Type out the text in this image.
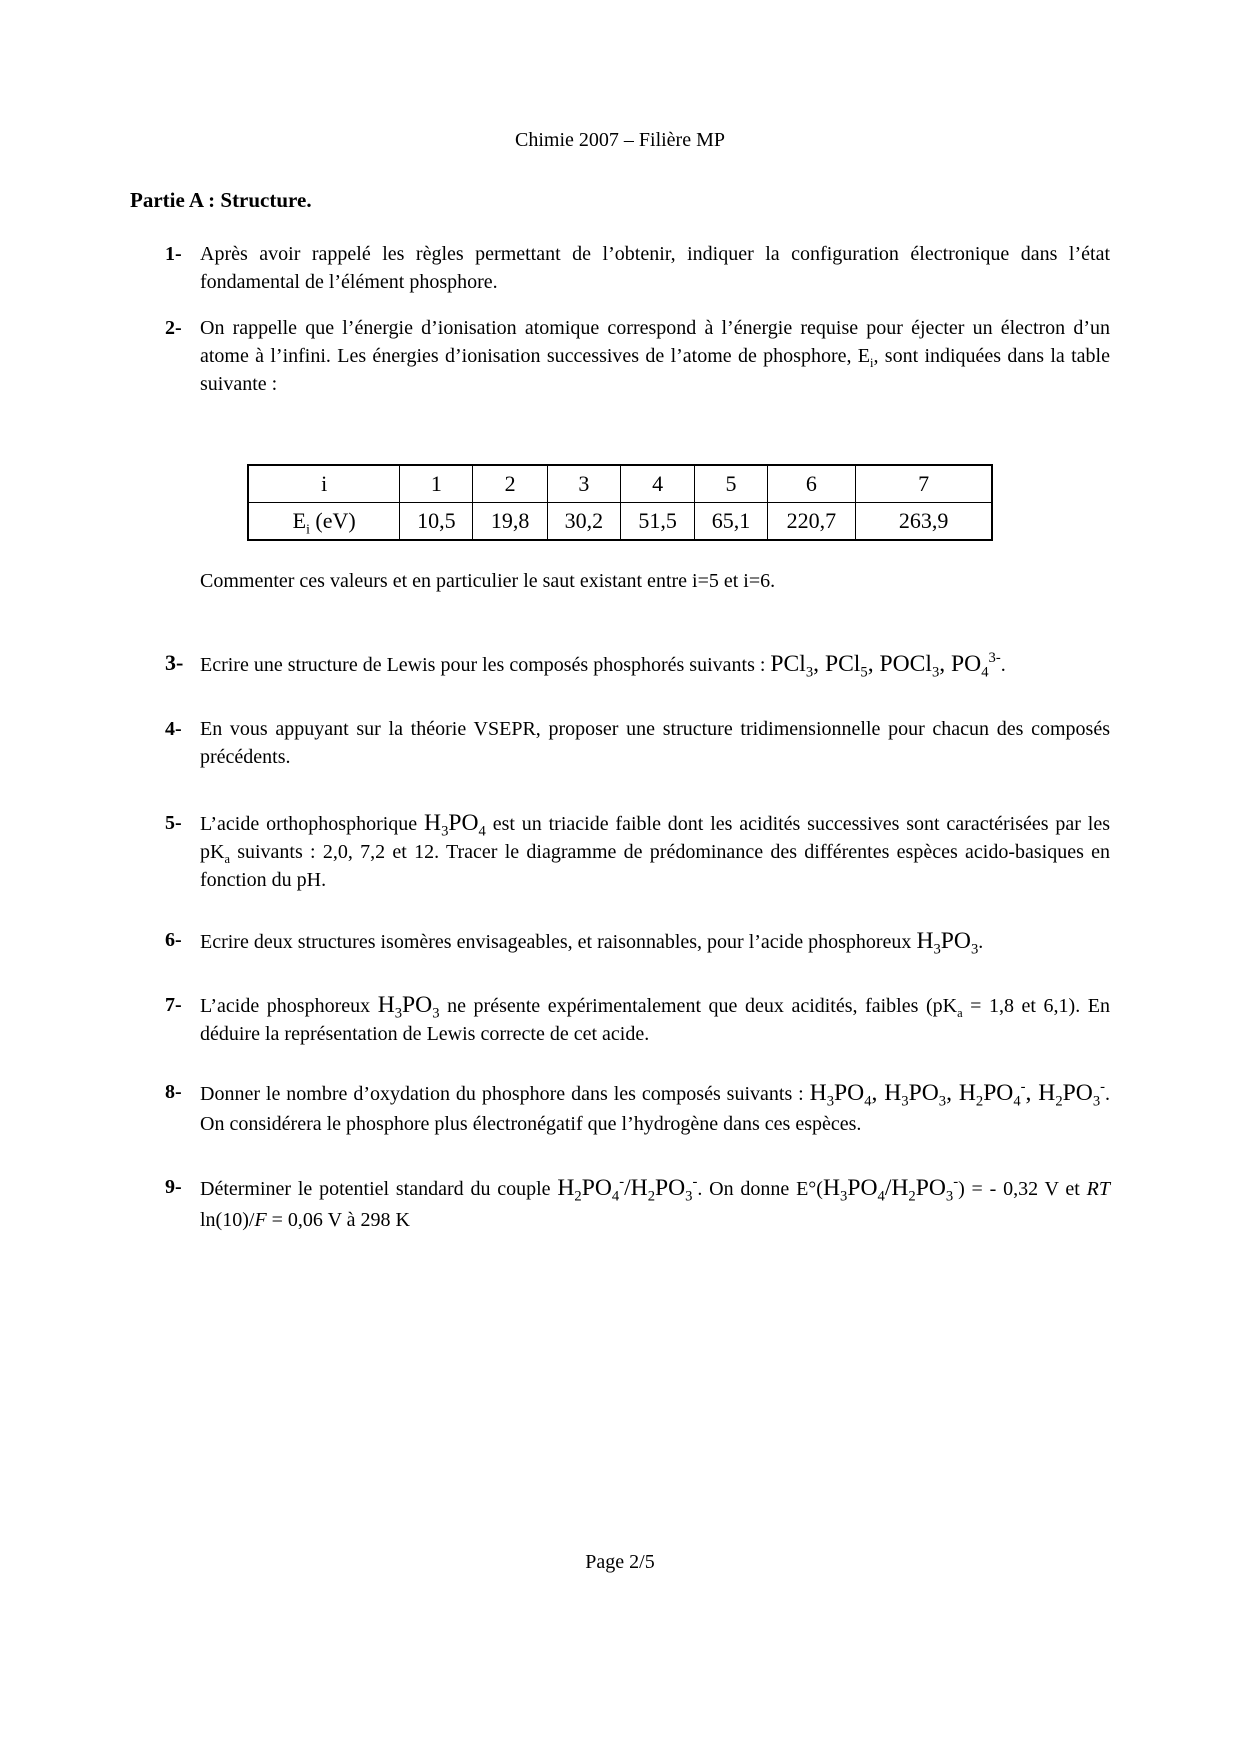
Chimie 2007 – Filière MP
Partie A : Structure.
1- Après avoir rappelé les règles permettant de l’obtenir, indiquer la configuration électronique dans l’état fondamental de l’élément phosphore.
2- On rappelle que l’énergie d’ionisation atomique correspond à l’énergie requise pour éjecter un électron d’un atome à l’infini. Les énergies d’ionisation successives de l’atome de phosphore, $E_i$, sont indiquées dans la table suivante :
i	1	2	3	4	5	6	7
$E_i$ (eV)	10,5	19,8	30,2	51,5	65,1	220,7	263,9
Commenter ces valeurs et en particulier le saut existant entre i=5 et i=6.
3- Ecrire une structure de Lewis pour les composés phosphorés suivants : PCl$_3$, PCl$_5$, POCl$_3$, $PO_4^{3-}$.
4- En vous appuyant sur la théorie VSEPR, proposer une structure tridimensionnelle pour chacun des composés précédents.
5- L’acide orthophosphorique $H_3PO_4$ est un triacide faible dont les acidités successives sont caractérisées par les $pK_a$ suivants : 2,0, 7,2 et 12. Tracer le diagramme de prédominance des différentes espèces acido-basiques en fonction du pH.
6- Ecrire deux structures isomères envisageables, et raisonnables, pour l’acide phosphoreux $H_3PO_3$.
7- L’acide phosphoreux $H_3PO_3$ ne présente expérimentalement que deux acidités, faibles ($pK_a = 1,8$ et 6,1). En déduire la représentation de Lewis correcte de cet acide.
8- Donner le nombre d’oxydation du phosphore dans les composés suivants : $H_3PO_4$, $H_3PO_3$, $H_2PO_4^-$, $H_2PO_3^-$. On considérera le phosphore plus électronégatif que l’hydrogène dans ces espèces.
9- Déterminer le potentiel standard du couple $H_2PO_4^-/H_2PO_3^-$. On donne $E^\circ(H_3PO_4/H_2PO_3^-)$ = - 0,32 V et RT ln(10)/F = 0,06 V à 298 K
Page 2/5
